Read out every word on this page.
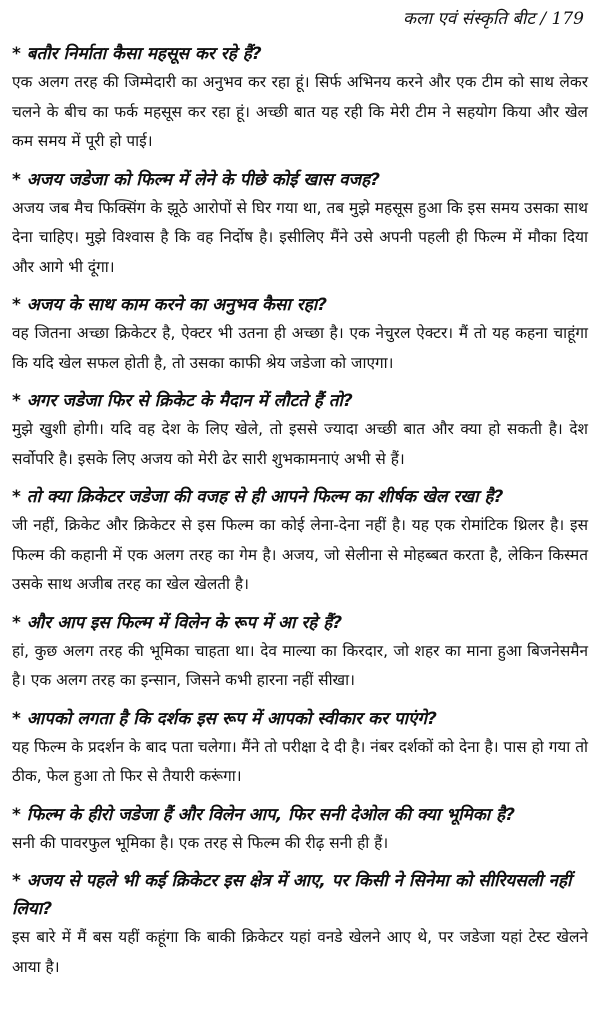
कला एवं संस्कृति बीट / 179

* बतौर निर्माता कैसा महसूस कर रहे हैं?

एक अलग तरह की जिम्मेदारी का अनुभव कर रहा हूं। सिर्फ अभिनय करने और एक टीम को साथ लेकर चलने के बीच का फर्क महसूस कर रहा हूं। अच्छी बात यह रही कि मेरी टीम ने सहयोग किया और खेल कम समय में पूरी हो पाई।

* अजय जडेजा को फिल्म में लेने के पीछे कोई खास वजह?

अजय जब मैच फिक्सिंग के झूठे आरोपों से घिर गया था, तब मुझे महसूस हुआ कि इस समय उसका साथ देना चाहिए। मुझे विश्वास है कि वह निर्दोष है। इसीलिए मैंने उसे अपनी पहली ही फिल्म में मौका दिया और आगे भी दूंगा।

* अजय के साथ काम करने का अनुभव कैसा रहा?

वह जितना अच्छा क्रिकेटर है, ऐक्टर भी उतना ही अच्छा है। एक नेचुरल ऐक्टर। मैं तो यह कहना चाहूंगा कि यदि खेल सफल होती है, तो उसका काफी श्रेय जडेजा को जाएगा।

* अगर जडेजा फिर से क्रिकेट के मैदान में लौटते हैं तो?

मुझे खुशी होगी। यदि वह देश के लिए खेले, तो इससे ज्यादा अच्छी बात और क्या हो सकती है। देश सर्वोपरि है। इसके लिए अजय को मेरी ढेर सारी शुभकामनाएं अभी से हैं।

* तो क्या क्रिकेटर जडेजा की वजह से ही आपने फिल्म का शीर्षक खेल रखा है?

जी नहीं, क्रिकेट और क्रिकेटर से इस फिल्म का कोई लेना-देना नहीं है। यह एक रोमांटिक थ्रिलर है। इस फिल्म की कहानी में एक अलग तरह का गेम है। अजय, जो सेलीना से मोहब्बत करता है, लेकिन किस्मत उसके साथ अजीब तरह का खेल खेलती है।

* और आप इस फिल्म में विलेन के रूप में आ रहे हैं?

हां, कुछ अलग तरह की भूमिका चाहता था। देव माल्या का किरदार, जो शहर का माना हुआ बिजनेसमैन है। एक अलग तरह का इन्सान, जिसने कभी हारना नहीं सीखा।

* आपको लगता है कि दर्शक इस रूप में आपको स्वीकार कर पाएंगे?

यह फिल्म के प्रदर्शन के बाद पता चलेगा। मैंने तो परीक्षा दे दी है। नंबर दर्शकों को देना है। पास हो गया तो ठीक, फेल हुआ तो फिर से तैयारी करूंगा।

* फिल्म के हीरो जडेजा हैं और विलेन आप, फिर सनी देओल की क्या भूमिका है?

सनी की पावरफुल भूमिका है। एक तरह से फिल्म की रीढ़ सनी ही हैं।

* अजय से पहले भी कई क्रिकेटर इस क्षेत्र में आए, पर किसी ने सिनेमा को सीरियसली नहीं लिया?

इस बारे में मैं बस यहीं कहूंगा कि बाकी क्रिकेटर यहां वनडे खेलने आए थे, पर जडेजा यहां टेस्ट खेलने आया है।
